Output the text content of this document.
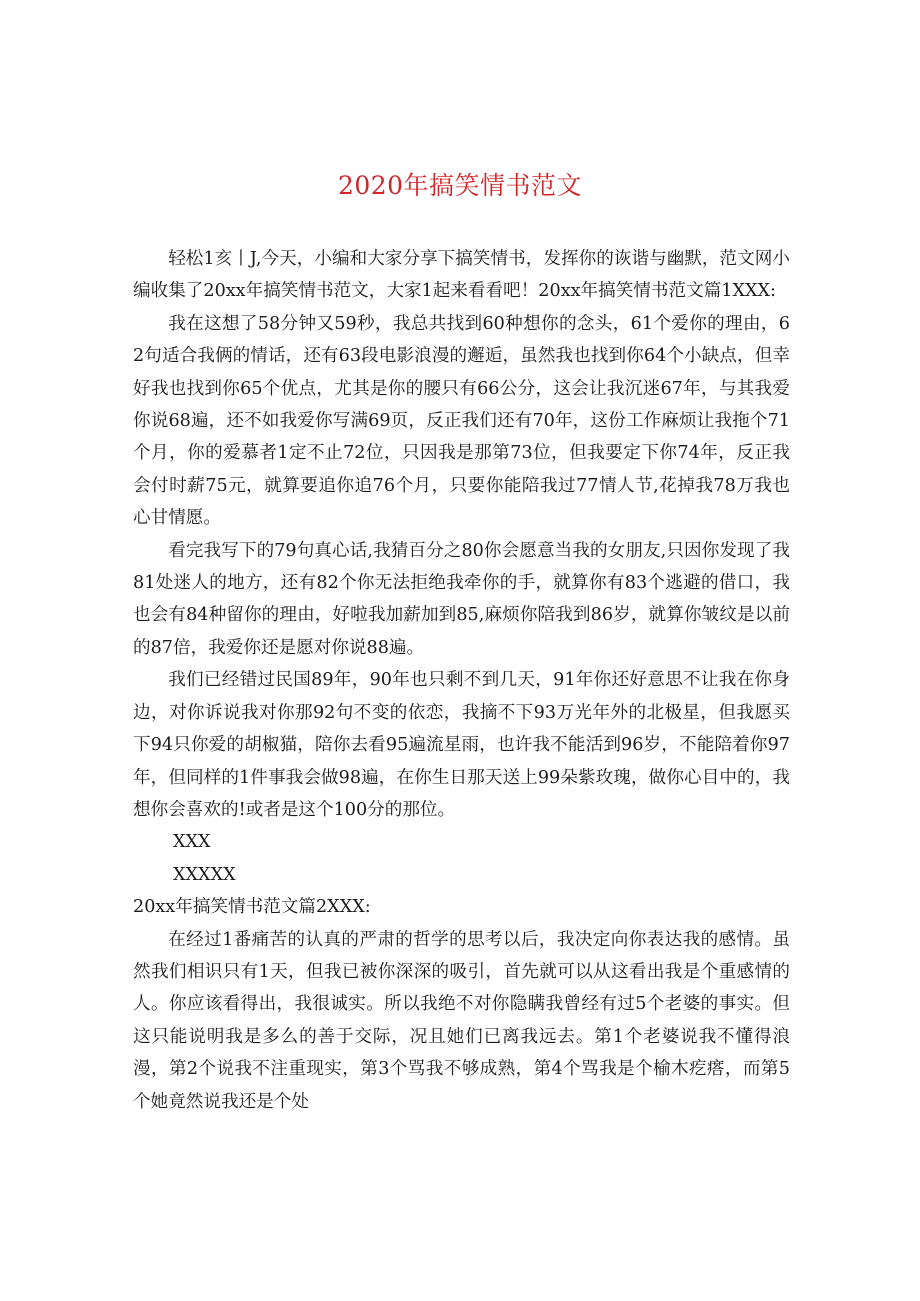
2020年搞笑情书范文

轻松1亥丨J,今天，小编和大家分享下搞笑情书，发挥你的诙谐与幽默，范文网小编收集了20xx年搞笑情书范文，大家1起来看看吧！20xx年搞笑情书范文篇1XXX:

我在这想了58分钟又59秒，我总共找到60种想你的念头，61个爱你的理由，62句适合我俩的情话，还有63段电影浪漫的邂逅，虽然我也找到你64个小缺点，但幸好我也找到你65个优点，尤其是你的腰只有66公分，这会让我沉迷67年，与其我爱你说68遍，还不如我爱你写满69页，反正我们还有70年，这份工作麻烦让我拖个71个月，你的爱慕者1定不止72位，只因我是那第73位，但我要定下你74年，反正我会付时薪75元，就算要追你追76个月，只要你能陪我过77情人节,花掉我78万我也心甘情愿。

看完我写下的79句真心话,我猜百分之80你会愿意当我的女朋友,只因你发现了我81处迷人的地方，还有82个你无法拒绝我牵你的手，就算你有83个逃避的借口，我也会有84种留你的理由，好啦我加薪加到85,麻烦你陪我到86岁，就算你皱纹是以前的87倍，我爱你还是愿对你说88遍。

我们已经错过民国89年，90年也只剩不到几天，91年你还好意思不让我在你身边，对你诉说我对你那92句不变的依恋，我摘不下93万光年外的北极星，但我愿买下94只你爱的胡椒猫，陪你去看95遍流星雨，也许我不能活到96岁，不能陪着你97年，但同样的1件事我会做98遍，在你生日那天送上99朵紫玫瑰，做你心目中的，我想你会喜欢的!或者是这个100分的那位。

XXX

XXXXX

20xx年搞笑情书范文篇2XXX:

在经过1番痛苦的认真的严肃的哲学的思考以后，我决定向你表达我的感情。虽然我们相识只有1天，但我已被你深深的吸引，首先就可以从这看出我是个重感情的人。你应该看得出，我很诚实。所以我绝不对你隐瞒我曾经有过5个老婆的事实。但这只能说明我是多么的善于交际，况且她们已离我远去。第1个老婆说我不懂得浪漫，第2个说我不注重现实，第3个骂我不够成熟，第4个骂我是个榆木疙瘩，而第5个她竟然说我还是个处
